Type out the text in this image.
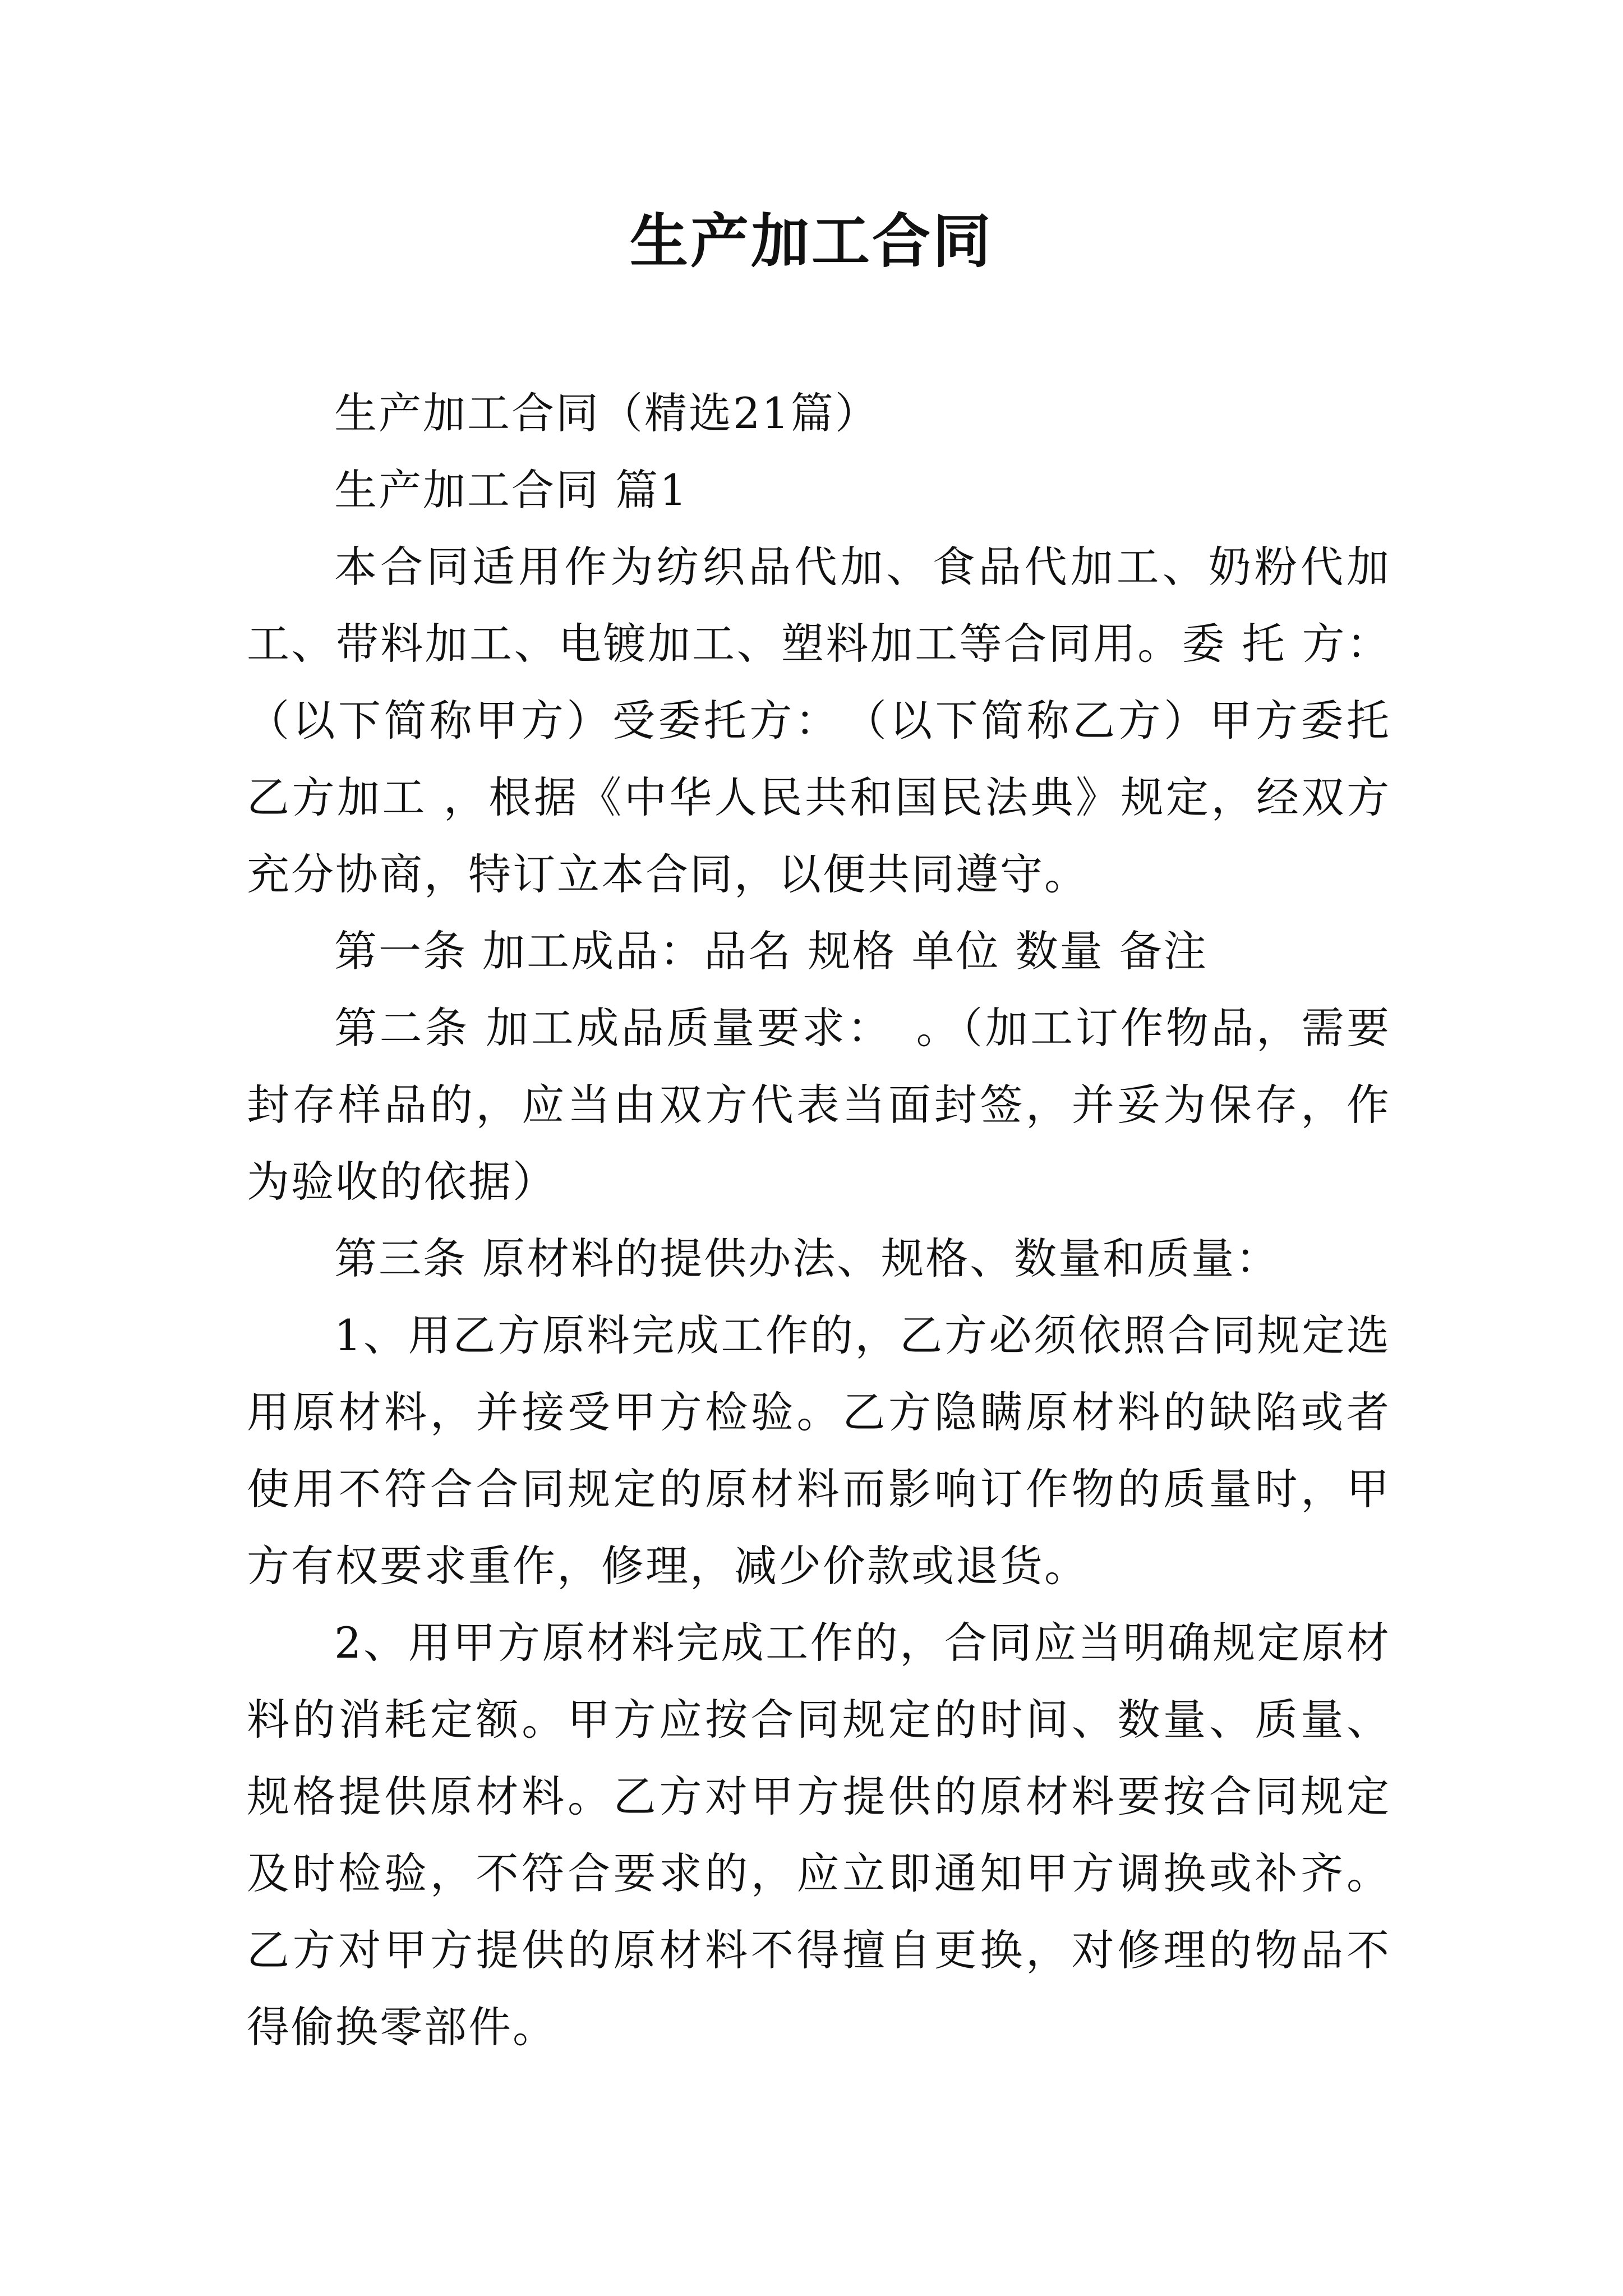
生产加工合同

生产加工合同（精选21篇）

生产加工合同 篇1

本合同适用作为纺织品代加、食品代加工、奶粉代加工、带料加工、电镀加工、塑料加工等合同用。委 托 方：（以下简称甲方）受委托方：　（以下简称乙方）甲方委托乙方加工 ，根据《中华人民共和国民法典》规定，经双方充分协商，特订立本合同，以便共同遵守。

第一条 加工成品：品名 规格 单位 数量 备注

第二条 加工成品质量要求：　。（加工订作物品，需要封存样品的，应当由双方代表当面封签，并妥为保存，作为验收的依据）

第三条 原材料的提供办法、规格、数量和质量：

1、用乙方原料完成工作的，乙方必须依照合同规定选用原材料，并接受甲方检验。乙方隐瞒原材料的缺陷或者使用不符合合同规定的原材料而影响订作物的质量时，甲方有权要求重作，修理，减少价款或退货。

2、用甲方原材料完成工作的，合同应当明确规定原材料的消耗定额。甲方应按合同规定的时间、数量、质量、规格提供原材料。乙方对甲方提供的原材料要按合同规定及时检验，不符合要求的，应立即通知甲方调换或补齐。乙方对甲方提供的原材料不得擅自更换，对修理的物品不得偷换零部件。
